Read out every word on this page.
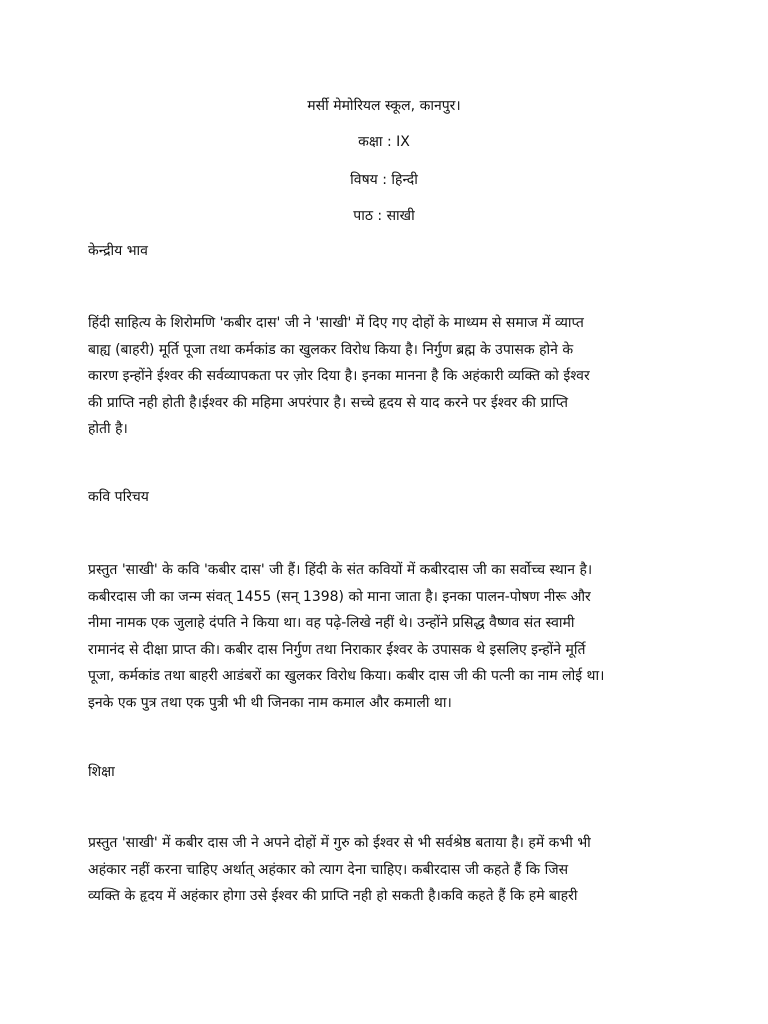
मर्सी मेमोरियल स्कूल, कानपुर।
कक्षा : IX
विषय : हिन्दी
पाठ : साखी
केन्द्रीय भाव

हिंदी साहित्य के शिरोमणि 'कबीर दास' जी ने 'साखी' में दिए गए दोहों के माध्यम से समाज में व्याप्त
बाह्य (बाहरी) मूर्ति पूजा तथा कर्मकांड का खुलकर विरोध किया है। निर्गुण ब्रह्म के उपासक होने के
कारण इन्होंने ईश्वर की सर्वव्यापकता पर ज़ोर दिया है। इनका मानना है कि अहंकारी व्यक्ति को ईश्वर
की प्राप्ति नही होती है।ईश्वर की महिमा अपरंपार है। सच्चे हृदय से याद करने पर ईश्वर की प्राप्ति
होती है।

कवि परिचय

प्रस्तुत 'साखी' के कवि 'कबीर दास' जी हैं। हिंदी के संत कवियों में कबीरदास जी का सर्वोच्च स्थान है।
कबीरदास जी का जन्म संवत् 1455 (सन् 1398) को माना जाता है। इनका पालन-पोषण नीरू और
नीमा नामक एक जुलाहे दंपति ने किया था। वह पढ़े-लिखे नहीं थे। उन्होंने प्रसिद्ध वैष्णव संत स्वामी
रामानंद से दीक्षा प्राप्त की। कबीर दास निर्गुण तथा निराकार ईश्वर के उपासक थे इसलिए इन्होंने मूर्ति
पूजा, कर्मकांड तथा बाहरी आडंबरों का खुलकर विरोध किया। कबीर दास जी की पत्नी का नाम लोई था।
इनके एक पुत्र तथा एक पुत्री भी थी जिनका नाम कमाल और कमाली था।

शिक्षा

प्रस्तुत 'साखी' में कबीर दास जी ने अपने दोहों में गुरु को ईश्वर से भी सर्वश्रेष्ठ बताया है। हमें कभी भी
अहंकार नहीं करना चाहिए अर्थात् अहंकार को त्याग देना चाहिए। कबीरदास जी कहते हैं कि जिस
व्यक्ति के हृदय में अहंकार होगा उसे ईश्वर की प्राप्ति नही हो सकती है।कवि कहते हैं कि हमे बाहरी
